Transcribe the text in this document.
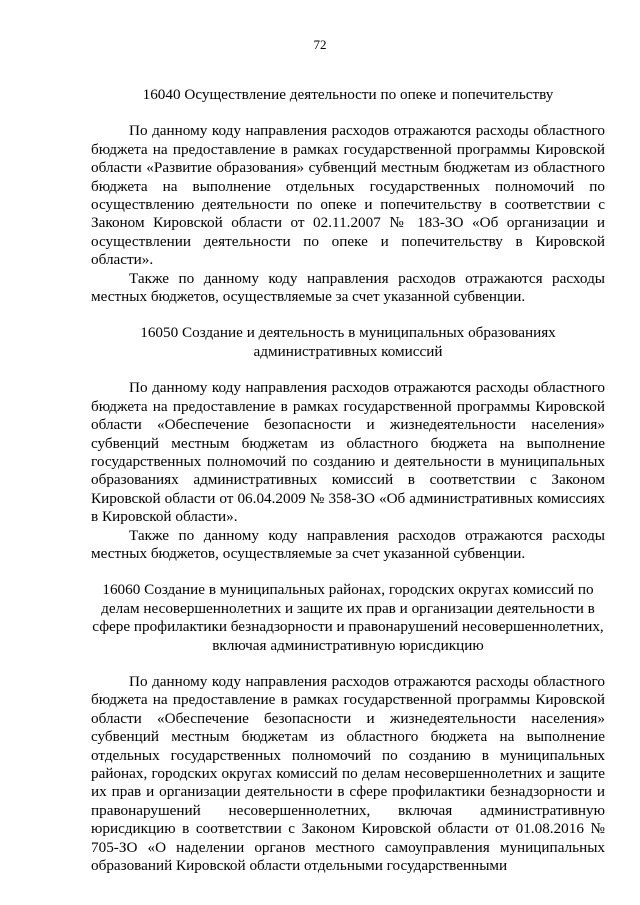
72

16040 Осуществление деятельности по опеке и попечительству

По данному коду направления расходов отражаются расходы областного бюджета на предоставление в рамках государственной программы Кировской области «Развитие образования» субвенций местным бюджетам из областного бюджета на выполнение отдельных государственных полномочий по осуществлению деятельности по опеке и попечительству в соответствии с Законом Кировской области от 02.11.2007 № 183-ЗО «Об организации и осуществлении деятельности по опеке и попечительству в Кировской области».

Также по данному коду направления расходов отражаются расходы местных бюджетов, осуществляемые за счет указанной субвенции.

16050 Создание и деятельность в муниципальных образованиях административных комиссий

По данному коду направления расходов отражаются расходы областного бюджета на предоставление в рамках государственной программы Кировской области «Обеспечение безопасности и жизнедеятельности населения» субвенций местным бюджетам из областного бюджета на выполнение государственных полномочий по созданию и деятельности в муниципальных образованиях административных комиссий в соответствии с Законом Кировской области от 06.04.2009 № 358-ЗО «Об административных комиссиях в Кировской области».

Также по данному коду направления расходов отражаются расходы местных бюджетов, осуществляемые за счет указанной субвенции.

16060 Создание в муниципальных районах, городских округах комиссий по делам несовершеннолетних и защите их прав и организации деятельности в сфере профилактики безнадзорности и правонарушений несовершеннолетних, включая административную юрисдикцию

По данному коду направления расходов отражаются расходы областного бюджета на предоставление в рамках государственной программы Кировской области «Обеспечение безопасности и жизнедеятельности населения» субвенций местным бюджетам из областного бюджета на выполнение отдельных государственных полномочий по созданию в муниципальных районах, городских округах комиссий по делам несовершеннолетних и защите их прав и организации деятельности в сфере профилактики безнадзорности и правонарушений несовершеннолетних, включая административную юрисдикцию в соответствии с Законом Кировской области от 01.08.2016 № 705-ЗО «О наделении органов местного самоуправления муниципальных образований Кировской области отдельными государственными
